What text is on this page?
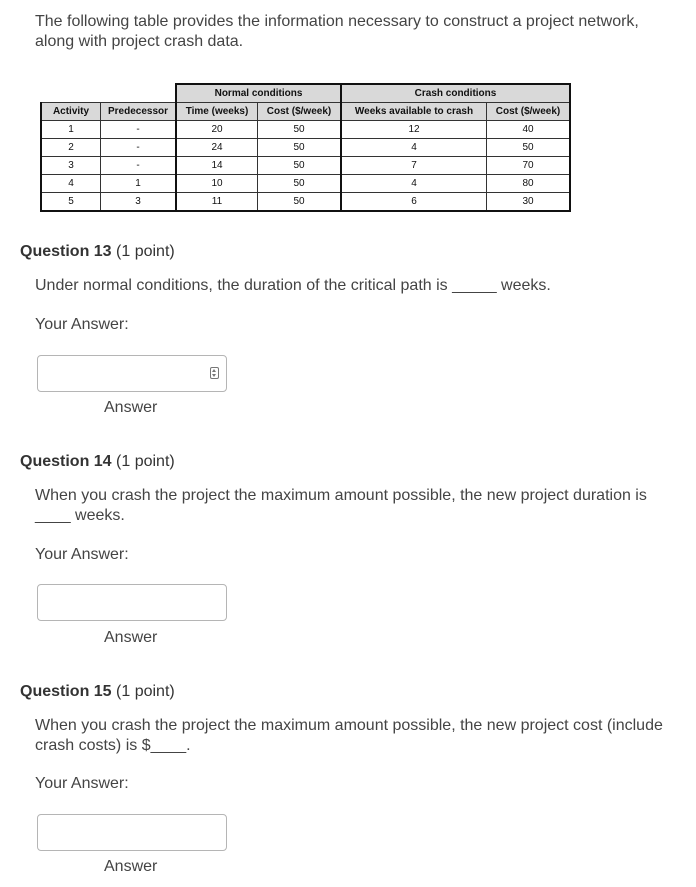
The following table provides the information necessary to construct a project network, along with project crash data.
		Normal conditions		Crash conditions	
Activity	Predecessor	Time (weeks)	Cost ($/week)	Weeks available to crash	Cost ($/week)
1	-	20	50	12	40
2	-	24	50	4	50
3	-	14	50	7	70
4	1	10	50	4	80
5	3	11	50	6	30
Question 13 (1 point)
Under normal conditions, the duration of the critical path is _____ weeks.
Your Answer:
Answer
Question 14 (1 point)
When you crash the project the maximum amount possible, the new project duration is ____ weeks.
Your Answer:
Answer
Question 15 (1 point)
When you crash the project the maximum amount possible, the new project cost (include crash costs) is $____.
Your Answer:
Answer
